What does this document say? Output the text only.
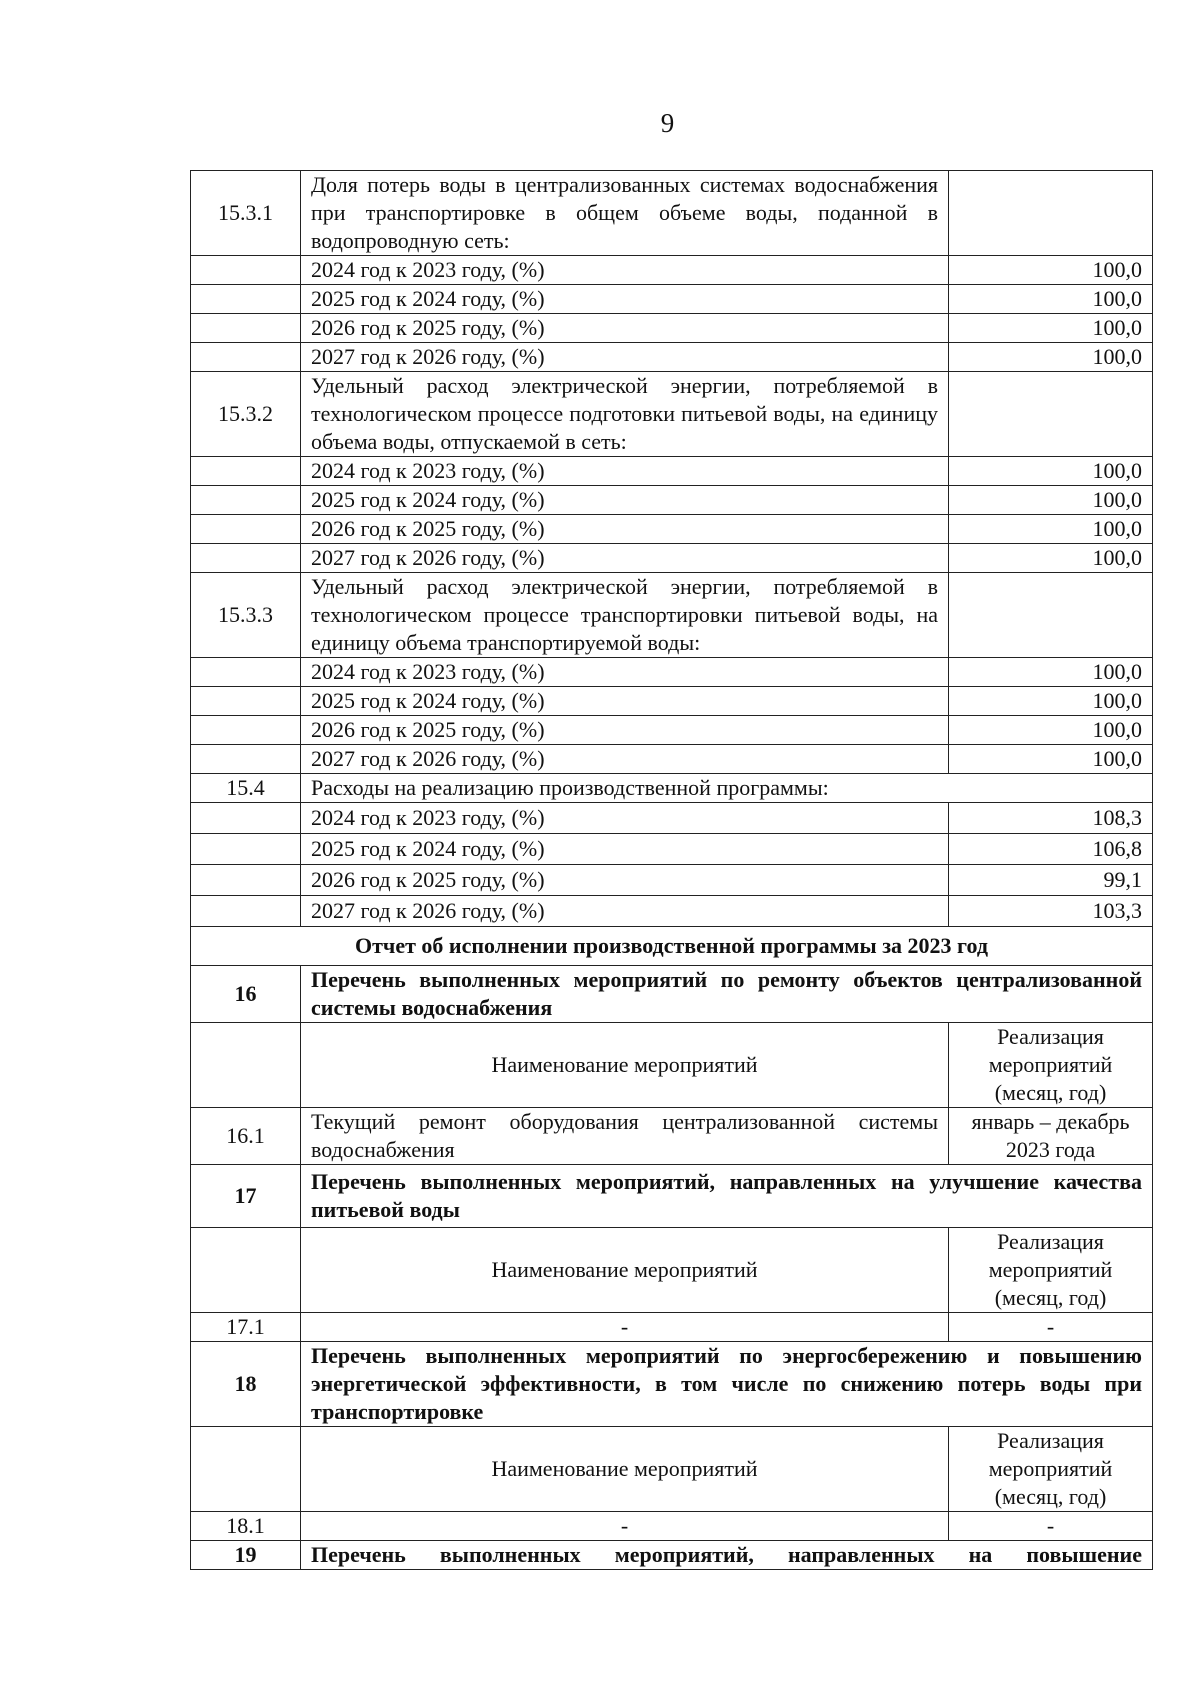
9
15.3.1	Доля потерь воды в централизованных системах водоснабжения при транспортировке в общем объеме воды, поданной в водопроводную сеть:	
	2024 год к 2023 году, (%)	100,0
	2025 год к 2024 году, (%)	100,0
	2026 год к 2025 году, (%)	100,0
	2027 год к 2026 году, (%)	100,0
15.3.2	Удельный расход электрической энергии, потребляемой в технологическом процессе подготовки питьевой воды, на единицу объема воды, отпускаемой в сеть:	
	2024 год к 2023 году, (%)	100,0
	2025 год к 2024 году, (%)	100,0
	2026 год к 2025 году, (%)	100,0
	2027 год к 2026 году, (%)	100,0
15.3.3	Удельный расход электрической энергии, потребляемой в технологическом процессе транспортировки питьевой воды, на единицу объема транспортируемой воды:	
	2024 год к 2023 году, (%)	100,0
	2025 год к 2024 году, (%)	100,0
	2026 год к 2025 году, (%)	100,0
	2027 год к 2026 году, (%)	100,0
15.4	Расходы на реализацию производственной программы:	
	2024 год к 2023 году, (%)	108,3
	2025 год к 2024 году, (%)	106,8
	2026 год к 2025 году, (%)	99,1
	2027 год к 2026 году, (%)	103,3
Отчет об исполнении производственной программы за 2023 год		
16	Перечень выполненных мероприятий по ремонту объектов централизованной системы водоснабжения	
	Наименование мероприятий	Реализация мероприятий (месяц, год)
16.1	Текущий ремонт оборудования централизованной системы водоснабжения	январь – декабрь 2023 года
17	Перечень выполненных мероприятий, направленных на улучшение качества питьевой воды	
	Наименование мероприятий	Реализация мероприятий (месяц, год)
17.1	-	-
18	Перечень выполненных мероприятий по энергосбережению и повышению энергетической эффективности, в том числе по снижению потерь воды при транспортировке	
	Наименование мероприятий	Реализация мероприятий (месяц, год)
18.1	-	-
19	Перечень выполненных мероприятий, направленных на повышение	
